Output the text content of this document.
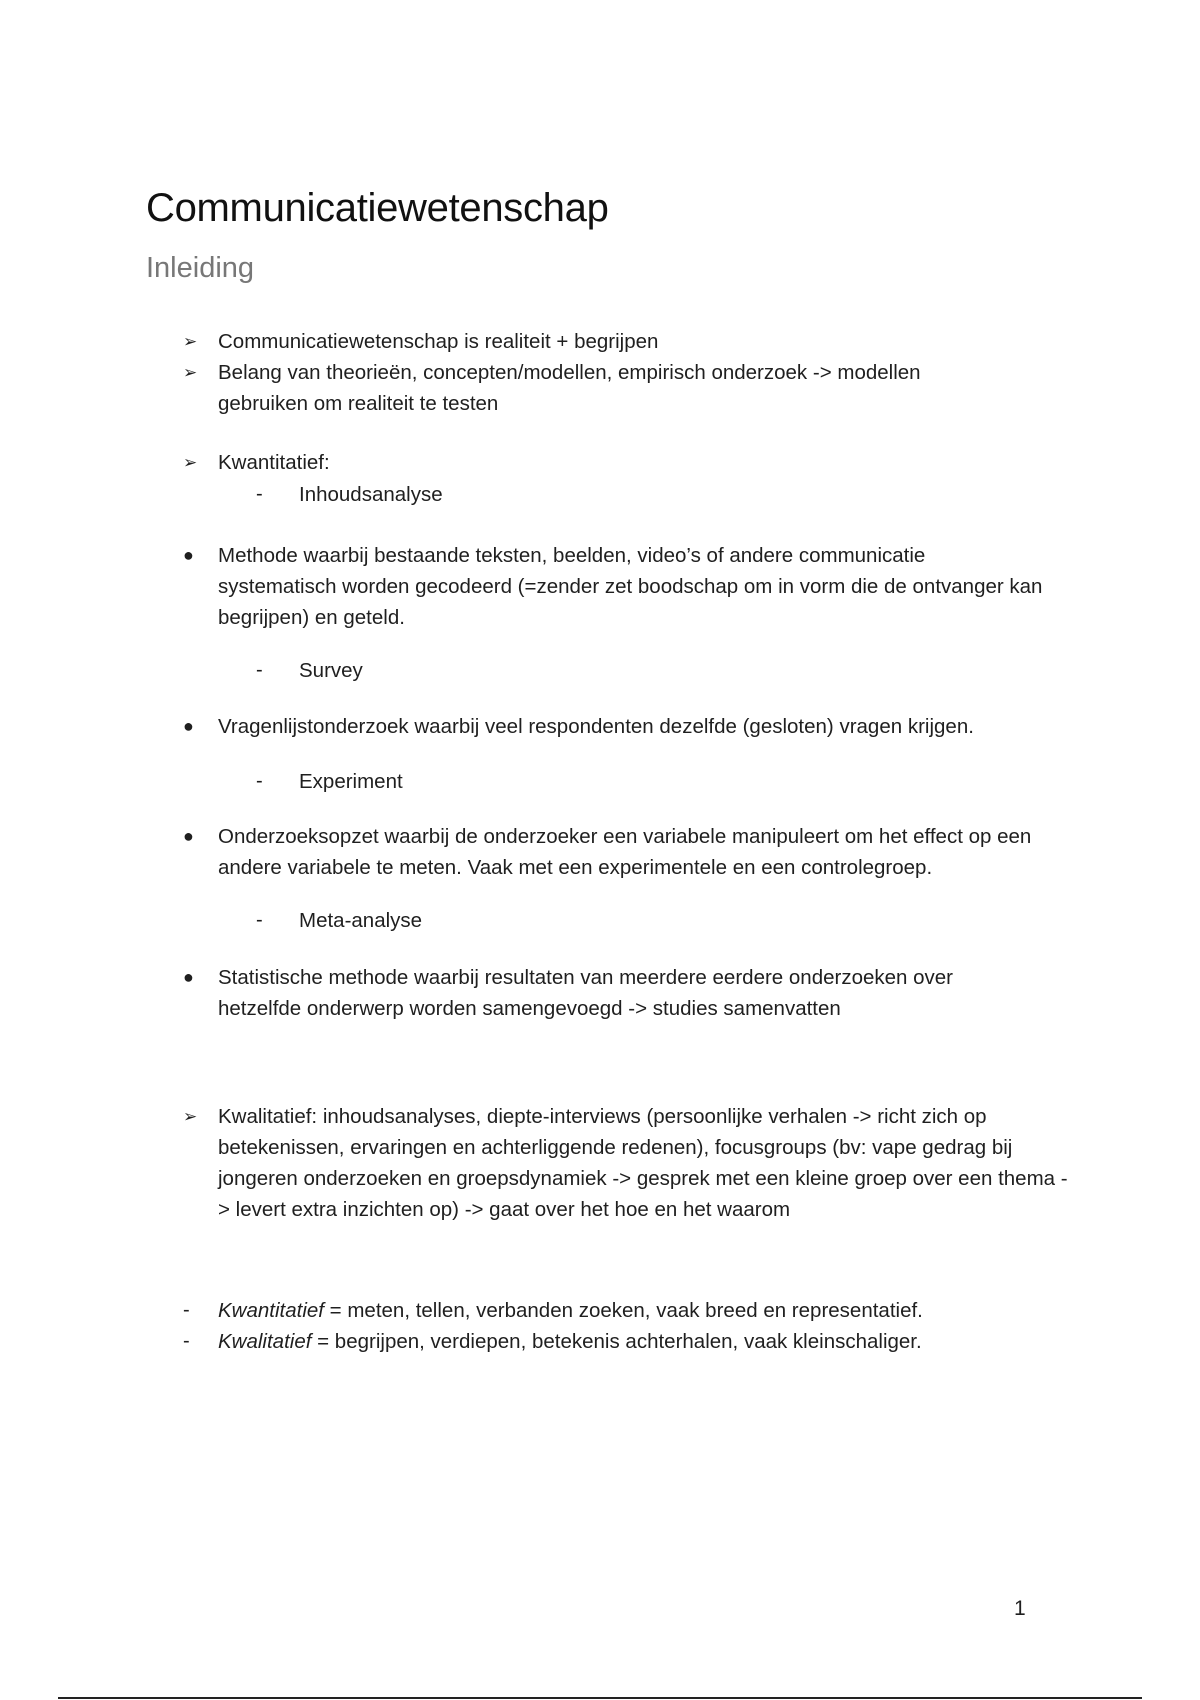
Communicatiewetenschap
Inleiding
➢ Communicatiewetenschap is realiteit + begrijpen

➢ Belang van theorieën, concepten/modellen, empirisch onderzoek -> modellen gebruiken om realiteit te testen

➢ Kwantitatief:

- Inhoudsanalyse

● Methode waarbij bestaande teksten, beelden, video’s of andere communicatie systematisch worden gecodeerd (=zender zet boodschap om in vorm die de ontvanger kan begrijpen) en geteld.

- Survey

● Vragenlijstonderzoek waarbij veel respondenten dezelfde (gesloten) vragen krijgen.

- Experiment

● Onderzoeksopzet waarbij de onderzoeker een variabele manipuleert om het effect op een andere variabele te meten. Vaak met een experimentele en een controlegroep.

- Meta-analyse

● Statistische methode waarbij resultaten van meerdere eerdere onderzoeken over hetzelfde onderwerp worden samengevoegd -> studies samenvatten

➢ Kwalitatief: inhoudsanalyses, diepte-interviews (persoonlijke verhalen -> richt zich op betekenissen, ervaringen en achterliggende redenen), focusgroups (bv: vape gedrag bij jongeren onderzoeken en groepsdynamiek -> gesprek met een kleine groep over een thema -> levert extra inzichten op) -> gaat over het hoe en het waarom

- Kwantitatief = meten, tellen, verbanden zoeken, vaak breed en representatief.

- Kwalitatief = begrijpen, verdiepen, betekenis achterhalen, vaak kleinschaliger.

1
